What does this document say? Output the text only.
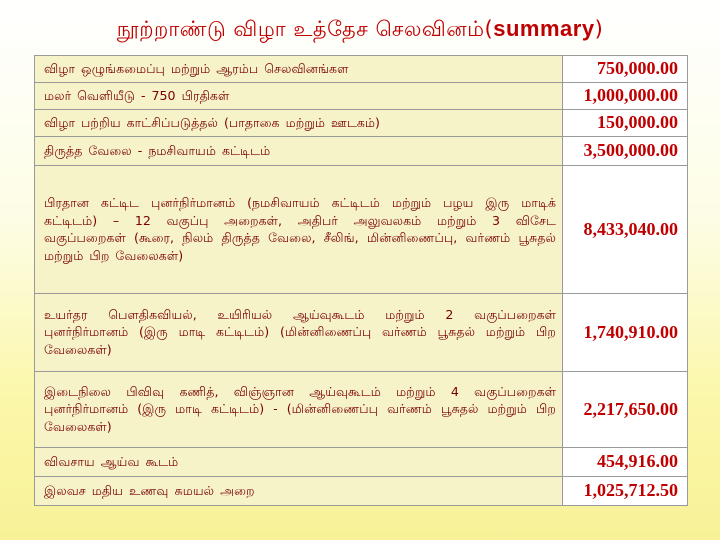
நூற்றாண்டு விழா உத்தேச செலவினம்(summary)
விழா ஒழுங்கமைப்பு மற்றும் ஆரம்ப செலவினங்கள	750,000.00
மலர் வெளியீடு - 750 பிரதிகள்	1,000,000.00
விழா பற்றிய காட்சிப்படுத்தல் (பாதாகை மற்றும் ஊடகம்)	150,000.00
திருத்த வேலை - நமசிவாயம் கட்டிடம்	3,500,000.00
பிரதான கட்டிட புனர்நிர்மானம் (நமசிவாயம் கட்டிடம் மற்றும் பழய இரு மாடிக் கட்டிடம்) – 12 வகுப்பு அறைகள், அதிபர் அலுவலகம் மற்றும் 3 விசேட வகுப்பறைகள் (கூரை, நிலம் திருத்த வேலை, சீலிங், மின்னிணைப்பு, வர்ணம் பூசுதல் மற்றும் பிற வேலைகள்)	8,433,040.00
உயர்தர பௌதிகவியல், உயிரியல் ஆய்வுகூடம் மற்றும் 2 வகுப்பறைகள் புனர்நிர்மானம் (இரு மாடி கட்டிடம்) (மின்னிணைப்பு வர்ணம் பூசுதல் மற்றும் பிற வேலைகள்)	1,740,910.00
இடைநிலை பிவிவு கணித், விஞ்ஞான ஆய்வுகூடம் மற்றும் 4 வகுப்பறைகள் புனர்நிர்மானம் (இரு மாடி கட்டிடம்) - (மின்னிணைப்பு வர்ணம் பூசுதல் மற்றும் பிற வேலைகள்)	2,217,650.00
விவசாய ஆய்வ கூடம்	454,916.00
இலவச மதிய உணவு சுமயல் அறை	1,025,712.50
